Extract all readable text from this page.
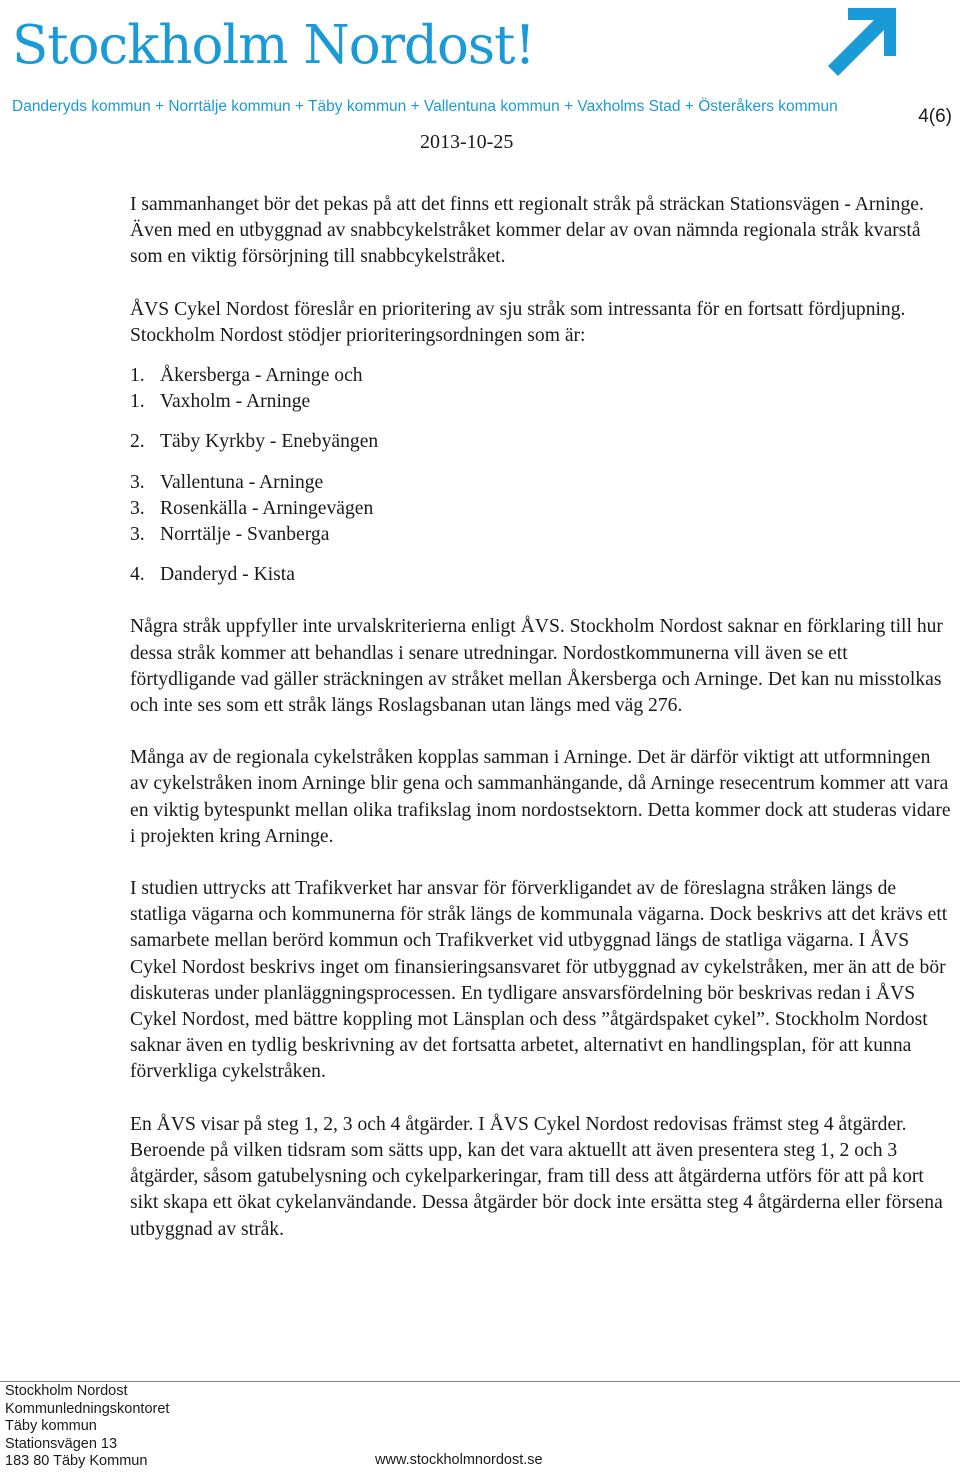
Stockholm Nordost!
Danderyds kommun + Norrtälje kommun + Täby kommun + Vallentuna kommun + Vaxholms Stad + Österåkers kommun	4(6)
2013-10-25

I sammanhanget bör det pekas på att det finns ett regionalt stråk på sträckan Stationsvägen - Arninge. Även med en utbyggnad av snabbcykelstråket kommer delar av ovan nämnda regionala stråk kvarstå som en viktig försörjning till snabbcykelstråket.

ÅVS Cykel Nordost föreslår en prioritering av sju stråk som intressanta för en fortsatt fördjupning. Stockholm Nordost stödjer prioriteringsordningen som är:

1. Åkersberga - Arninge och

1. Vaxholm - Arninge

2. Täby Kyrkby - Enebyängen

3. Vallentuna - Arninge

3. Rosenkälla - Arningevägen

3. Norrtälje - Svanberga

4. Danderyd - Kista

Några stråk uppfyller inte urvalskriterierna enligt ÅVS. Stockholm Nordost saknar en förklaring till hur dessa stråk kommer att behandlas i senare utredningar. Nordostkommunerna vill även se ett förtydligande vad gäller sträckningen av stråket mellan Åkersberga och Arninge. Det kan nu misstolkas och inte ses som ett stråk längs Roslagsbanan utan längs med väg 276.

Många av de regionala cykelstråken kopplas samman i Arninge. Det är därför viktigt att utformningen av cykelstråken inom Arninge blir gena och sammanhängande, då Arninge resecentrum kommer att vara en viktig bytespunkt mellan olika trafikslag inom nordostsektorn. Detta kommer dock att studeras vidare i projekten kring Arninge.

I studien uttrycks att Trafikverket har ansvar för förverkligandet av de föreslagna stråken längs de statliga vägarna och kommunerna för stråk längs de kommunala vägarna. Dock beskrivs att det krävs ett samarbete mellan berörd kommun och Trafikverket vid utbyggnad längs de statliga vägarna. I ÅVS Cykel Nordost beskrivs inget om finansieringsansvaret för utbyggnad av cykelstråken, mer än att de bör diskuteras under planläggningsprocessen. En tydligare ansvarsfördelning bör beskrivas redan i ÅVS Cykel Nordost, med bättre koppling mot Länsplan och dess ”åtgärdspaket cykel”. Stockholm Nordost saknar även en tydlig beskrivning av det fortsatta arbetet, alternativt en handlingsplan, för att kunna förverkliga cykelstråken.

En ÅVS visar på steg 1, 2, 3 och 4 åtgärder. I ÅVS Cykel Nordost redovisas främst steg 4 åtgärder. Beroende på vilken tidsram som sätts upp, kan det vara aktuellt att även presentera steg 1, 2 och 3 åtgärder, såsom gatubelysning och cykelparkeringar, fram till dess att åtgärderna utförs för att på kort sikt skapa ett ökat cykelanvändande. Dessa åtgärder bör dock inte ersätta steg 4 åtgärderna eller försena utbyggnad av stråk.

Stockholm Nordost
Kommunledningskontoret
Täby kommun
Stationsvägen 13
183 80 Täby Kommun	www.stockholmnordost.se
